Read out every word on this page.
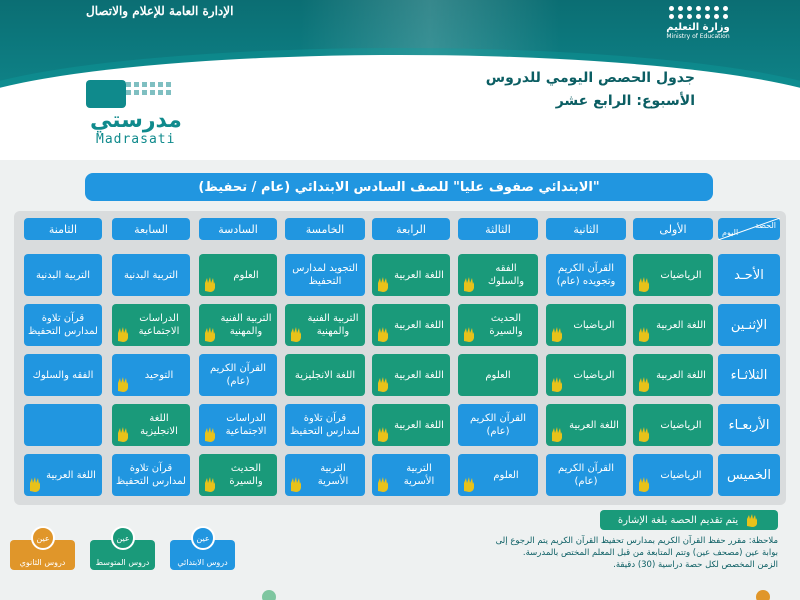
وزارة التعليم
Ministry of Education
الإدارة العامة للإعلام والاتصال
جدول الحصص اليومي للدروس
الأسبوع: الرابع عشر
مدرستي
Madrasati
"الابتدائي صفوف عليا" للصف السادس الابتدائي (عام / تحفيظ)
الحصة
اليوم
الأولى
الثانية
الثالثة
الرابعة
الخامسة
السادسة
السابعة
الثامنة
الأحـد
الرياضيات
القرآن الكريم وتجويده (عام)
الفقه والسلوك
اللغة العربية
التجويد لمدارس التحفيظ
العلوم
التربية البدنية
التربية البدنية
الإثنـين
اللغة العربية
الرياضيات
الحديث والسيرة
اللغة العربية
التربية الفنية والمهنية
التربية الفنية والمهنية
الدراسات الاجتماعية
قرآن تلاوة لمدارس التحفيظ
الثلاثـاء
اللغة العربية
الرياضيات
العلوم
اللغة العربية
اللغة الانجليزية
القرآن الكريم (عام)
التوحيد
الفقه والسلوك
الأربعـاء
الرياضيات
اللغة العربية
القرآن الكريم (عام)
اللغة العربية
قرآن تلاوة لمدارس التحفيظ
الدراسات الاجتماعية
اللغة الانجليزية
الخميس
الرياضيات
القرآن الكريم (عام)
العلوم
التربية الأسرية
التربية الأسرية
الحديث والسيرة
قرآن تلاوة لمدارس التحفيظ
اللغة العربية
يتم تقديم الحصة بلغة الإشارة
ملاحظة: مقرر حفظ القرآن الكريم بمدارس تحفيظ القرآن الكريم يتم الرجوع إلى
بوابة عين (مصحف عين) وتتم المتابعة من قبل المعلم المختص بالمدرسة.
الزمن المخصص لكل حصة دراسية (30) دقيقة.
عين
دروس الابتدائي
عين
دروس المتوسط
عين
دروس الثانوي
